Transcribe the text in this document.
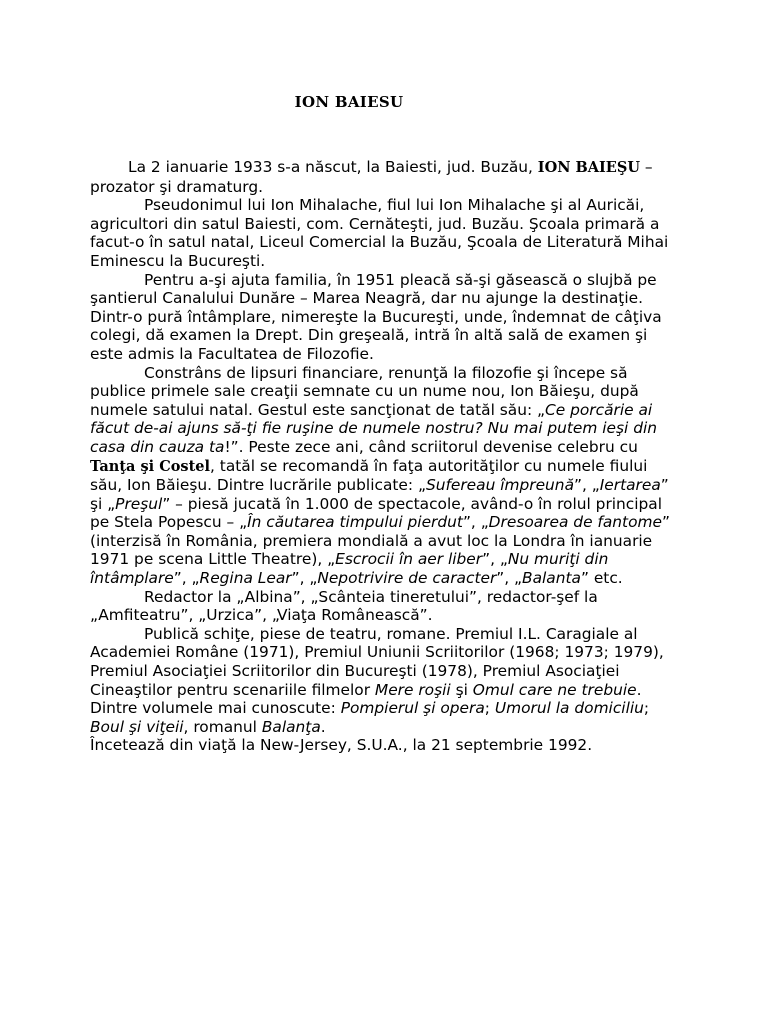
ION BAIESU

La 2 ianuarie 1933 s-a născut, la Baiesti, jud. Buzău, ION BAIEŞU – prozator şi dramaturg.

Pseudonimul lui Ion Mihalache, fiul lui Ion Mihalache şi al Auricăi, agricultori din satul Baiesti, com. Cernăteşti, jud. Buzău. Şcoala primară a facut-o în satul natal, Liceul Comercial la Buzău, Şcoala de Literatură Mihai Eminescu la Bucureşti.

Pentru a-şi ajuta familia, în 1951 pleacă să-şi găsească o slujbă pe şantierul Canalului Dunăre – Marea Neagră, dar nu ajunge la destinaţie. Dintr-o pură întâmplare, nimereşte la Bucureşti, unde, îndemnat de câţiva colegi, dă examen la Drept. Din greşeală, intră în altă sală de examen şi este admis la Facultatea de Filozofie.

Constrâns de lipsuri financiare, renunţă la filozofie şi începe să publice primele sale creaţii semnate cu un nume nou, Ion Băieşu, după numele satului natal. Gestul este sancţionat de tatăl său: „Ce porcărie ai făcut de-ai ajuns să-ţi fie ruşine de numele nostru? Nu mai putem ieşi din casa din cauza ta!”. Peste zece ani, când scriitorul devenise celebru cu Tanţa şi Costel, tatăl se recomandă în faţa autorităţilor cu numele fiului său, Ion Băieşu. Dintre lucrările publicate: „Sufereau împreună”, „Iertarea” şi „Preşul” – piesă jucată în 1.000 de spectacole, având-o în rolul principal pe Stela Popescu – „În căutarea timpului pierdut”, „Dresoarea de fantome” (interzisă în România, premiera mondială a avut loc la Londra în ianuarie 1971 pe scena Little Theatre), „Escrocii în aer liber”, „Nu muriţi din întâmplare”, „Regina Lear”, „Nepotrivire de caracter”, „Balanta” etc.

Redactor la „Albina”, „Scânteia tineretului”, redactor-şef la „Amfiteatru”, „Urzica”, „Viaţa Românească”.

Publică schiţe, piese de teatru, romane. Premiul I.L. Caragiale al Academiei Române (1971), Premiul Uniunii Scriitorilor (1968; 1973; 1979), Premiul Asociaţiei Scriitorilor din Bucureşti (1978), Premiul Asociaţiei Cineaştilor pentru scenariile filmelor Mere roşii şi Omul care ne trebuie. Dintre volumele mai cunoscute: Pompierul şi opera; Umorul la domiciliu; Boul şi viţeii, romanul Balanţa.

Încetează din viaţă la New-Jersey, S.U.A., la 21 septembrie 1992.
